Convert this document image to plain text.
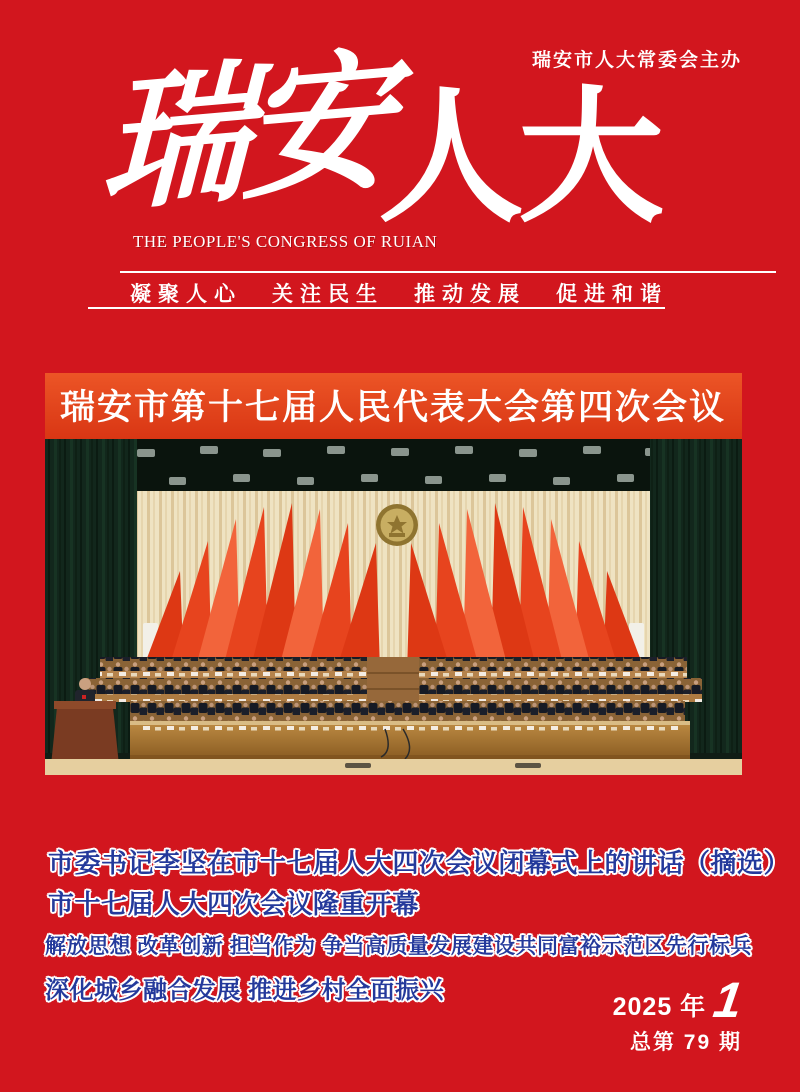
瑞安市人大常委会主办
瑞安
人大
THE PEOPLE'S CONGRESS OF RUIAN
凝聚人心 关注民生 推动发展 促进和谐
瑞安市第十七届人民代表大会第四次会议
市委书记李坚在市十七届人大四次会议闭幕式上的讲话（摘选）
市十七届人大四次会议隆重开幕
解放思想 改革创新 担当作为 争当高质量发展建设共同富裕示范区先行标兵
深化城乡融合发展 推进乡村全面振兴
2025 年 1
总第 79 期
